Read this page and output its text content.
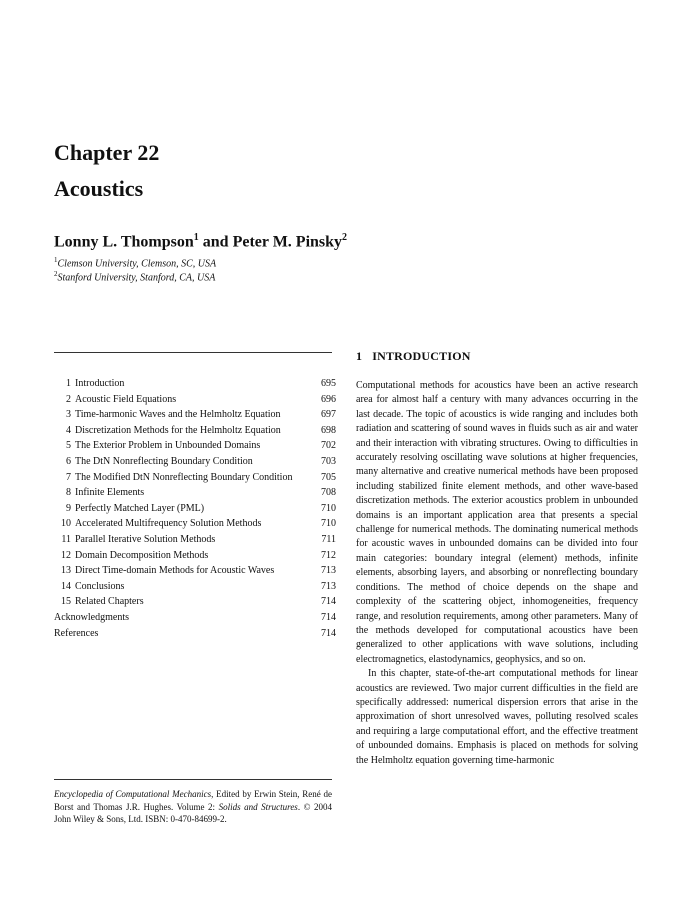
Chapter 22
Acoustics
Lonny L. Thompson$^1$ and Peter M. Pinsky$^2$
$^1$Clemson University, Clemson, SC, USA
$^2$Stanford University, Stanford, CA, USA
1 Introduction	695
2 Acoustic Field Equations	696
3 Time-harmonic Waves and the Helmholtz Equation	697
4 Discretization Methods for the Helmholtz Equation	698
5 The Exterior Problem in Unbounded Domains	702
6 The DtN Nonreflecting Boundary Condition	703
7 The Modified DtN Nonreflecting Boundary Condition	705
8 Infinite Elements	708
9 Perfectly Matched Layer (PML)	710
10 Accelerated Multifrequency Solution Methods	710
11 Parallel Iterative Solution Methods	711
12 Domain Decomposition Methods	712
13 Direct Time-domain Methods for Acoustic Waves	713
14 Conclusions	713
15 Related Chapters	714
Acknowledgments	714
References	714
Encyclopedia of Computational Mechanics, Edited by Erwin Stein, René de Borst and Thomas J.R. Hughes. Volume 2: Solids and Structures. © 2004 John Wiley & Sons, Ltd. ISBN: 0-470-84699-2.
1 INTRODUCTION

Computational methods for acoustics have been an active research area for almost half a century with many advances occurring in the last decade. The topic of acoustics is wide ranging and includes both radiation and scattering of sound waves in fluids such as air and water and their interaction with vibrating structures. Owing to difficulties in accurately resolving oscillating wave solutions at higher frequencies, many alternative and creative numerical methods have been proposed including stabilized finite element methods, and other wave-based discretization methods. The exterior acoustics problem in unbounded domains is an important application area that presents a special challenge for numerical methods. The dominating numerical methods for acoustic waves in unbounded domains can be divided into four main categories: boundary integral (element) methods, infinite elements, absorbing layers, and absorbing or nonreflecting boundary conditions. The method of choice depends on the shape and complexity of the scattering object, inhomogeneities, frequency range, and resolution requirements, among other parameters. Many of the methods developed for computational acoustics have been generalized to other applications with wave solutions, including electromagnetics, elastodynamics, geophysics, and so on.

In this chapter, state-of-the-art computational methods for linear acoustics are reviewed. Two major current difficulties in the field are specifically addressed: numerical dispersion errors that arise in the approximation of short unresolved waves, polluting resolved scales and requiring a large computational effort, and the effective treatment of unbounded domains. Emphasis is placed on methods for solving the Helmholtz equation governing time-harmonic
